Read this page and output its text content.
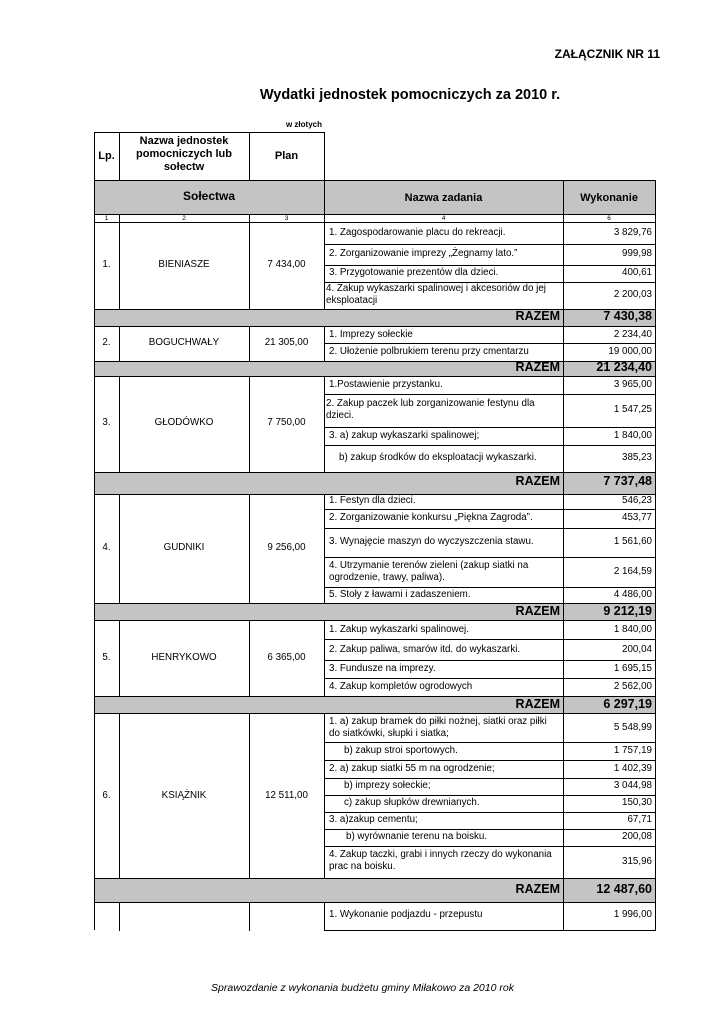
ZAŁĄCZNIK NR 11
Wydatki jednostek pomocniczych za 2010 r.
w złotych
Lp.
Nazwa jednostek pomocniczych lub sołectw
Plan
Sołectwa	Nazwa zadania	Wykonanie
1	2	3	4	6
1.	BIENIASZE	7 434,00
1. Zagospodarowanie placu do rekreacji.	3 829,76
2. Zorganizowanie imprezy „Żegnamy lato.”	999,98
3. Przygotowanie prezentów dla dzieci.	400,61
4. Zakup wykaszarki spalinowej i akcesoriów do jej eksploatacji
2 200,03
RAZEM	7 430,38
2.	BOGUCHWAŁY	21 305,00
1. Imprezy sołeckie	2 234,40
2. Ułożenie polbrukiem terenu przy cmentarzu	19 000,00
RAZEM	21 234,40
3.	GŁODÓWKO	7 750,00
1.Postawienie przystanku.	3 965,00
2. Zakup paczek lub zorganizowanie festynu dla dzieci.
1 547,25
3. a) zakup wykaszarki spalinowej;	1 840,00
b) zakup środków do eksploatacji wykaszarki.	385,23
RAZEM	7 737,48
4.	GUDNIKI	9 256,00
1. Festyn dla dzieci.	546,23
2. Zorganizowanie konkursu „Piękna Zagroda”.	453,77
3. Wynajęcie maszyn do wyczyszczenia stawu.	1 561,60
4. Utrzymanie terenów zieleni (zakup siatki na ogrodzenie, trawy, paliwa).
2 164,59
5. Stoły z ławami i zadaszeniem.	4 486,00
RAZEM	9 212,19
5.	HENRYKOWO	6 365,00
1. Zakup wykaszarki spalinowej.	1 840,00
2. Zakup paliwa, smarów itd. do wykaszarki.	200,04
3. Fundusze na imprezy.	1 695,15
4. Zakup kompletów ogrodowych	2 562,00
RAZEM	6 297,19
6.	KSIĄŻNIK	12 511,00
1. a) zakup bramek do piłki nożnej, siatki oraz piłki do siatkówki, słupki i siatka;
5 548,99
b) zakup stroi sportowych.	1 757,19
2. a) zakup siatki 55 m na ogrodzenie;	1 402,39
b) imprezy sołeckie;	3 044,98
c) zakup słupków drewnianych.	150,30
3. a)zakup cementu;	67,71
b) wyrównanie terenu na boisku.	200,08
4. Zakup taczki, grabi i innych rzeczy do wykonania prac na boisku.	315,96
RAZEM	12 487,60
1. Wykonanie podjazdu - przepustu	1 996,00
Sprawozdanie z wykonania budżetu gminy Miłakowo za 2010 rok
